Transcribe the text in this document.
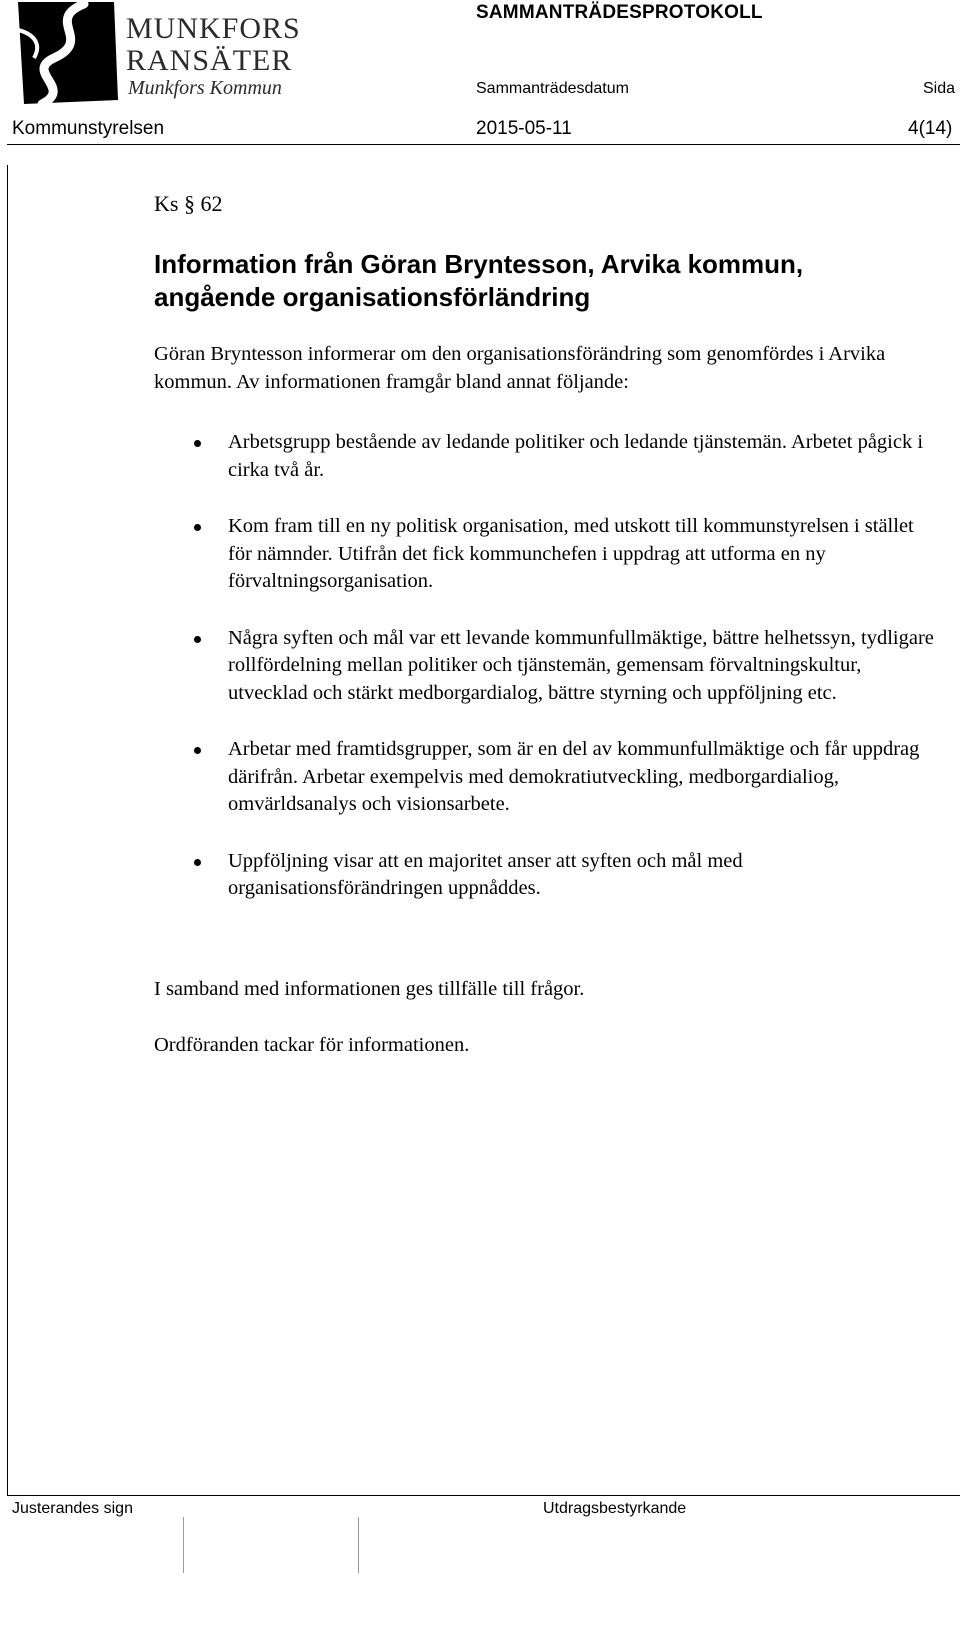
MUNKFORS
RANSÄTER
Munkfors Kommun
SAMMANTRÄDESPROTOKOLL
Sammanträdesdatum	Sida
Kommunstyrelsen	2015-05-11	4(14)
Ks § 62
Information från Göran Bryntesson, Arvika kommun, angående organisationsförländring

Göran Bryntesson informerar om den organisationsförändring som genomfördes i Arvika kommun. Av informationen framgår bland annat följande:

Arbetsgrupp bestående av ledande politiker och ledande tjänstemän. Arbetet pågick i cirka två år.
Kom fram till en ny politisk organisation, med utskott till kommunstyrelsen i stället för nämnder. Utifrån det fick kommunchefen i uppdrag att utforma en ny förvaltningsorganisation.
Några syften och mål var ett levande kommunfullmäktige, bättre helhetssyn, tydligare rollfördelning mellan politiker och tjänstemän, gemensam förvaltningskultur, utvecklad och stärkt medborgardialog, bättre styrning och uppföljning etc.
Arbetar med framtidsgrupper, som är en del av kommunfullmäktige och får uppdrag därifrån. Arbetar exempelvis med demokratiutveckling, medborgardialiog, omvärldsanalys och visionsarbete.
Uppföljning visar att en majoritet anser att syften och mål med organisationsförändringen uppnåddes.

I samband med informationen ges tillfälle till frågor.

Ordföranden tackar för informationen.

Justerandes sign	Utdragsbestyrkande
